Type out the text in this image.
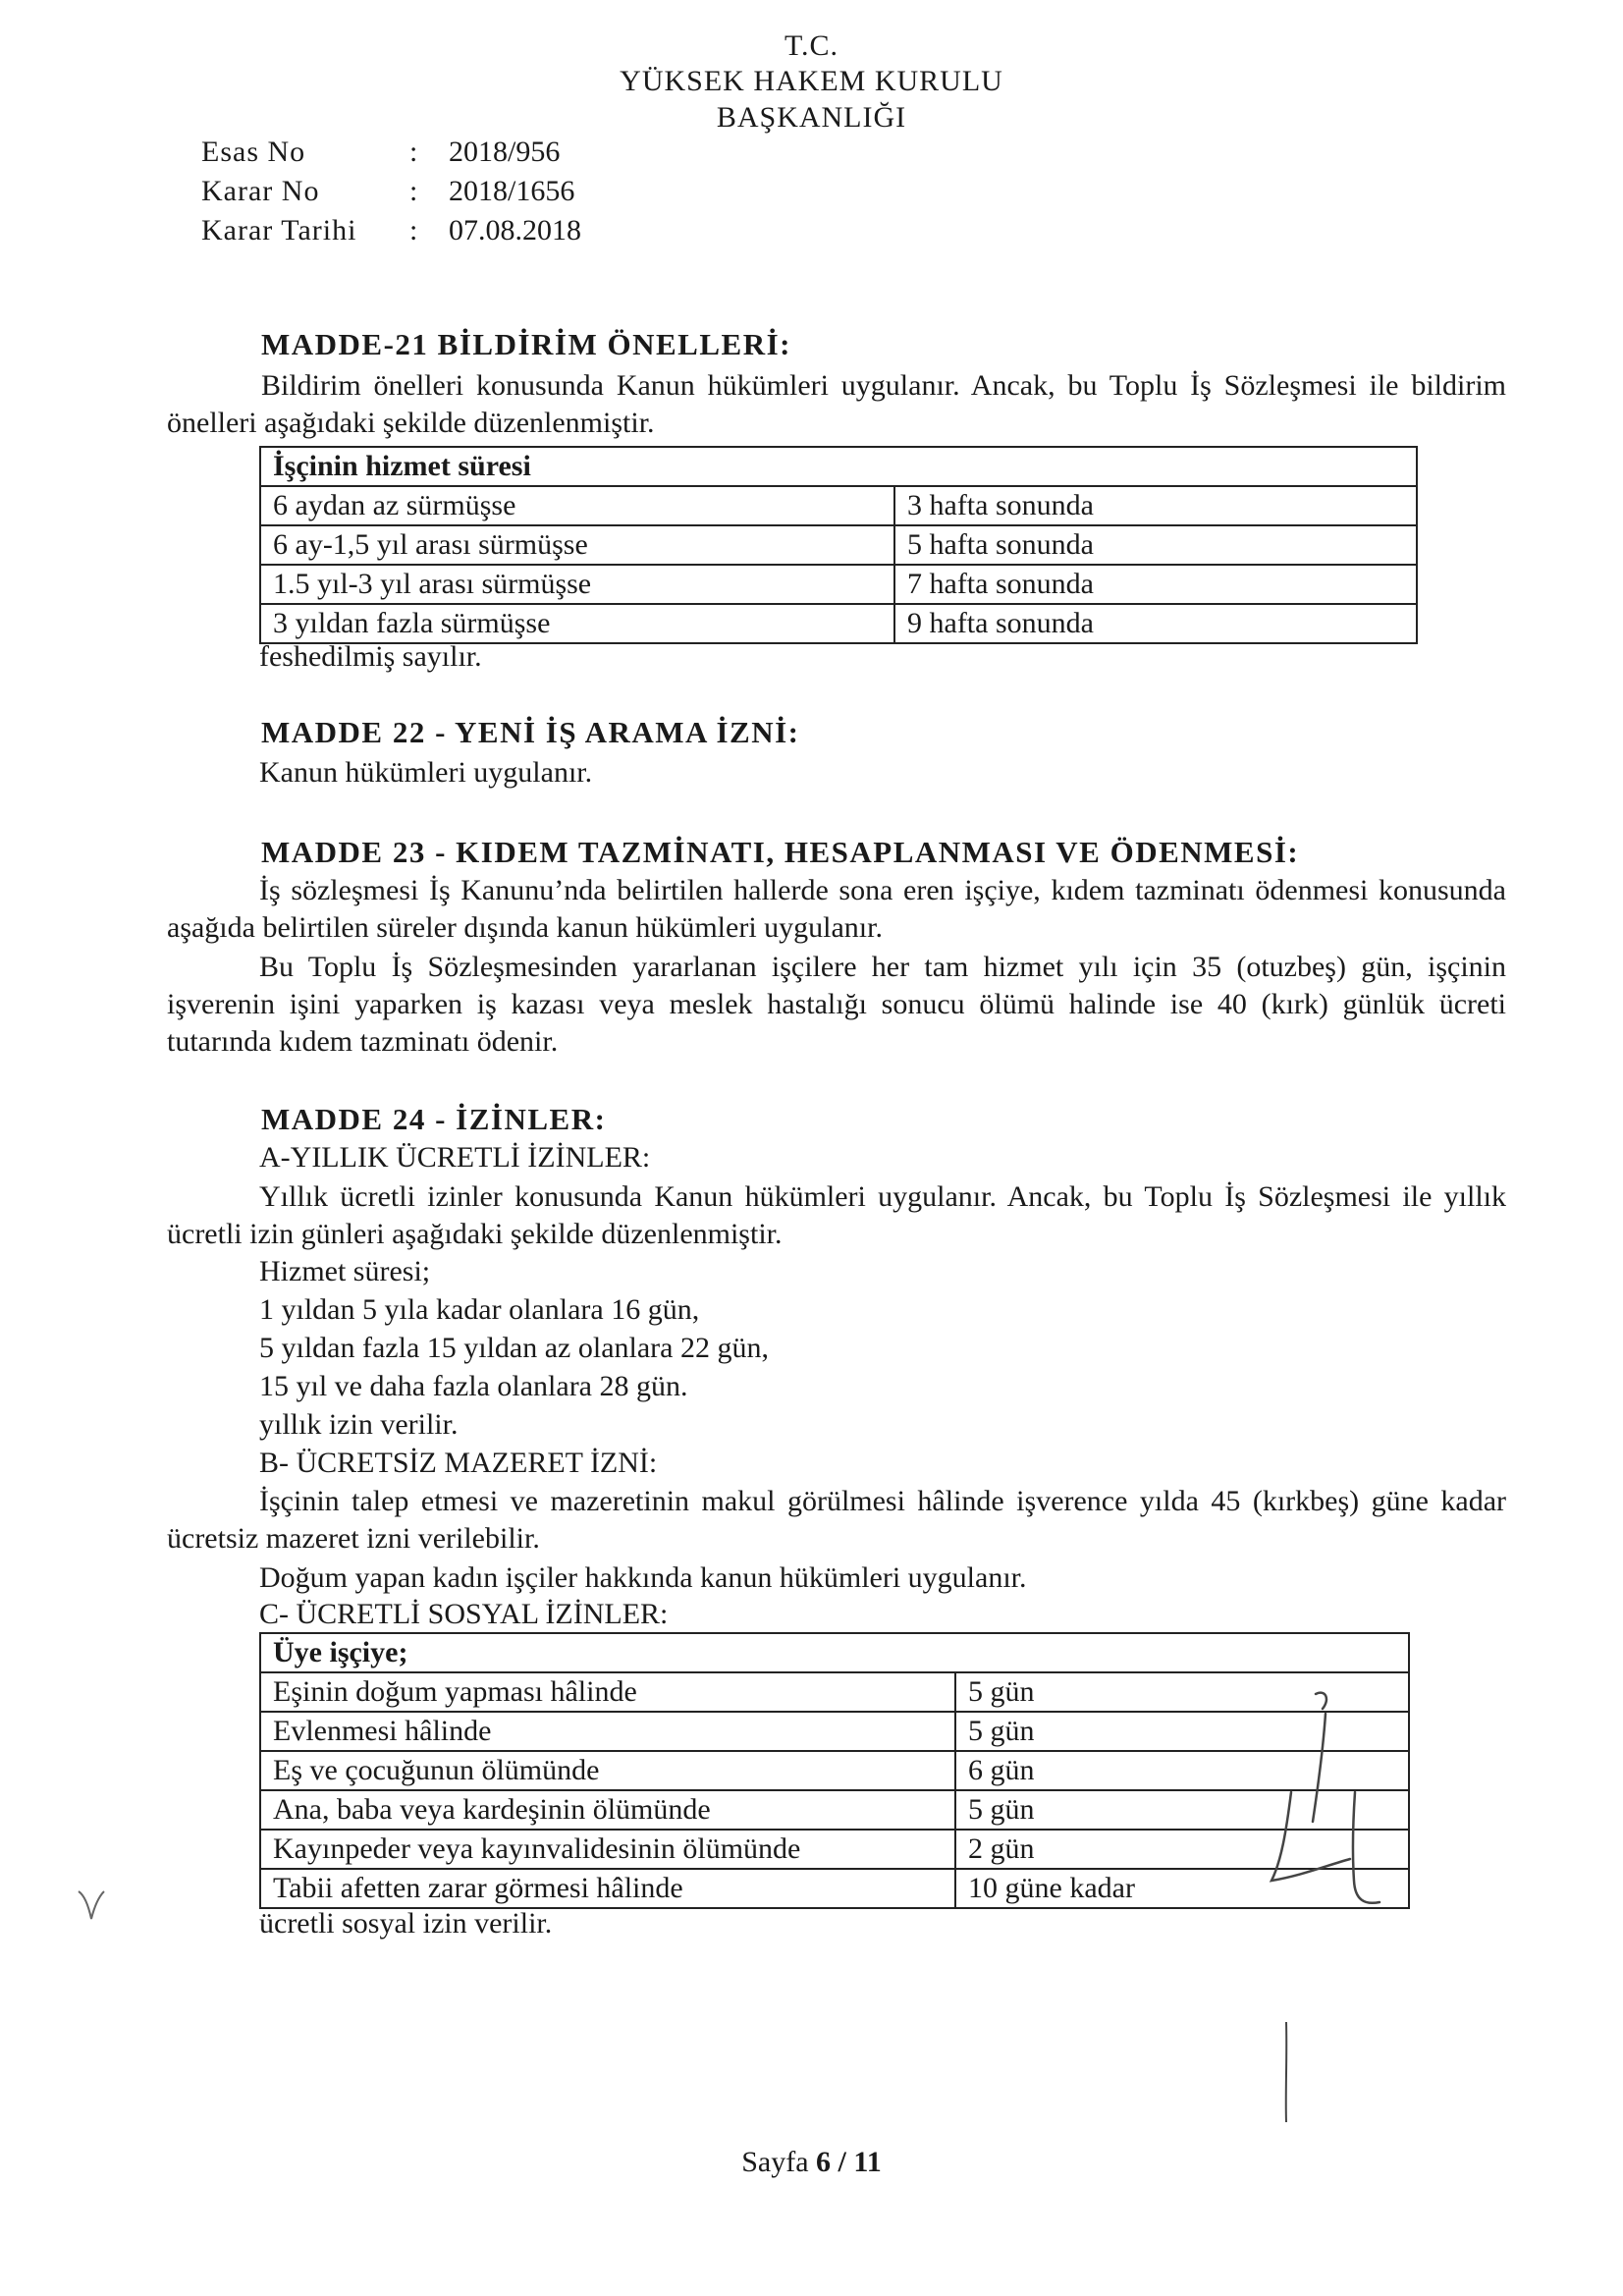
T.C.
YÜKSEK HAKEM KURULU
BAŞKANLIĞI
Esas No	:	2018/956
Karar No	:	2018/1656
Karar Tarihi	:	07.08.2018
MADDE-21 BİLDİRİM ÖNELLERİ:
Bildirim önelleri konusunda Kanun hükümleri uygulanır. Ancak, bu Toplu İş Sözleşmesi ile bildirim önelleri aşağıdaki şekilde düzenlenmiştir.
İşçinin hizmet süresi	
6 aydan az sürmüşse	3 hafta sonunda
6 ay-1,5 yıl arası sürmüşse	5 hafta sonunda
1.5 yıl-3 yıl arası sürmüşse	7 hafta sonunda
3 yıldan fazla sürmüşse	9 hafta sonunda
feshedilmiş sayılır.
MADDE 22 - YENİ İŞ ARAMA İZNİ:
Kanun hükümleri uygulanır.
MADDE 23 - KIDEM TAZMİNATI, HESAPLANMASI VE ÖDENMESİ:
İş sözleşmesi İş Kanunu’nda belirtilen hallerde sona eren işçiye, kıdem tazminatı ödenmesi konusunda aşağıda belirtilen süreler dışında kanun hükümleri uygulanır.
Bu Toplu İş Sözleşmesinden yararlanan işçilere her tam hizmet yılı için 35 (otuzbeş) gün, işçinin işverenin işini yaparken iş kazası veya meslek hastalığı sonucu ölümü halinde ise 40 (kırk) günlük ücreti tutarında kıdem tazminatı ödenir.
MADDE 24 - İZİNLER:
A-YILLIK ÜCRETLİ İZİNLER:
Yıllık ücretli izinler konusunda Kanun hükümleri uygulanır. Ancak, bu Toplu İş Sözleşmesi ile yıllık ücretli izin günleri aşağıdaki şekilde düzenlenmiştir.
Hizmet süresi;
1 yıldan 5 yıla kadar olanlara 16 gün,
5 yıldan fazla 15 yıldan az olanlara 22 gün,
15 yıl ve daha fazla olanlara 28 gün.
yıllık izin verilir.
B- ÜCRETSİZ MAZERET İZNİ:
İşçinin talep etmesi ve mazeretinin makul görülmesi hâlinde işverence yılda 45 (kırkbeş) güne kadar ücretsiz mazeret izni verilebilir.
Doğum yapan kadın işçiler hakkında kanun hükümleri uygulanır.
C- ÜCRETLİ SOSYAL İZİNLER:
Üye işçiye;	
Eşinin doğum yapması hâlinde	5 gün
Evlenmesi hâlinde	5 gün
Eş ve çocuğunun ölümünde	6 gün
Ana, baba veya kardeşinin ölümünde	5 gün
Kayınpeder veya kayınvalidesinin ölümünde	2 gün
Tabii afetten zarar görmesi hâlinde	10 güne kadar
ücretli sosyal izin verilir.
Sayfa 6 / 11
